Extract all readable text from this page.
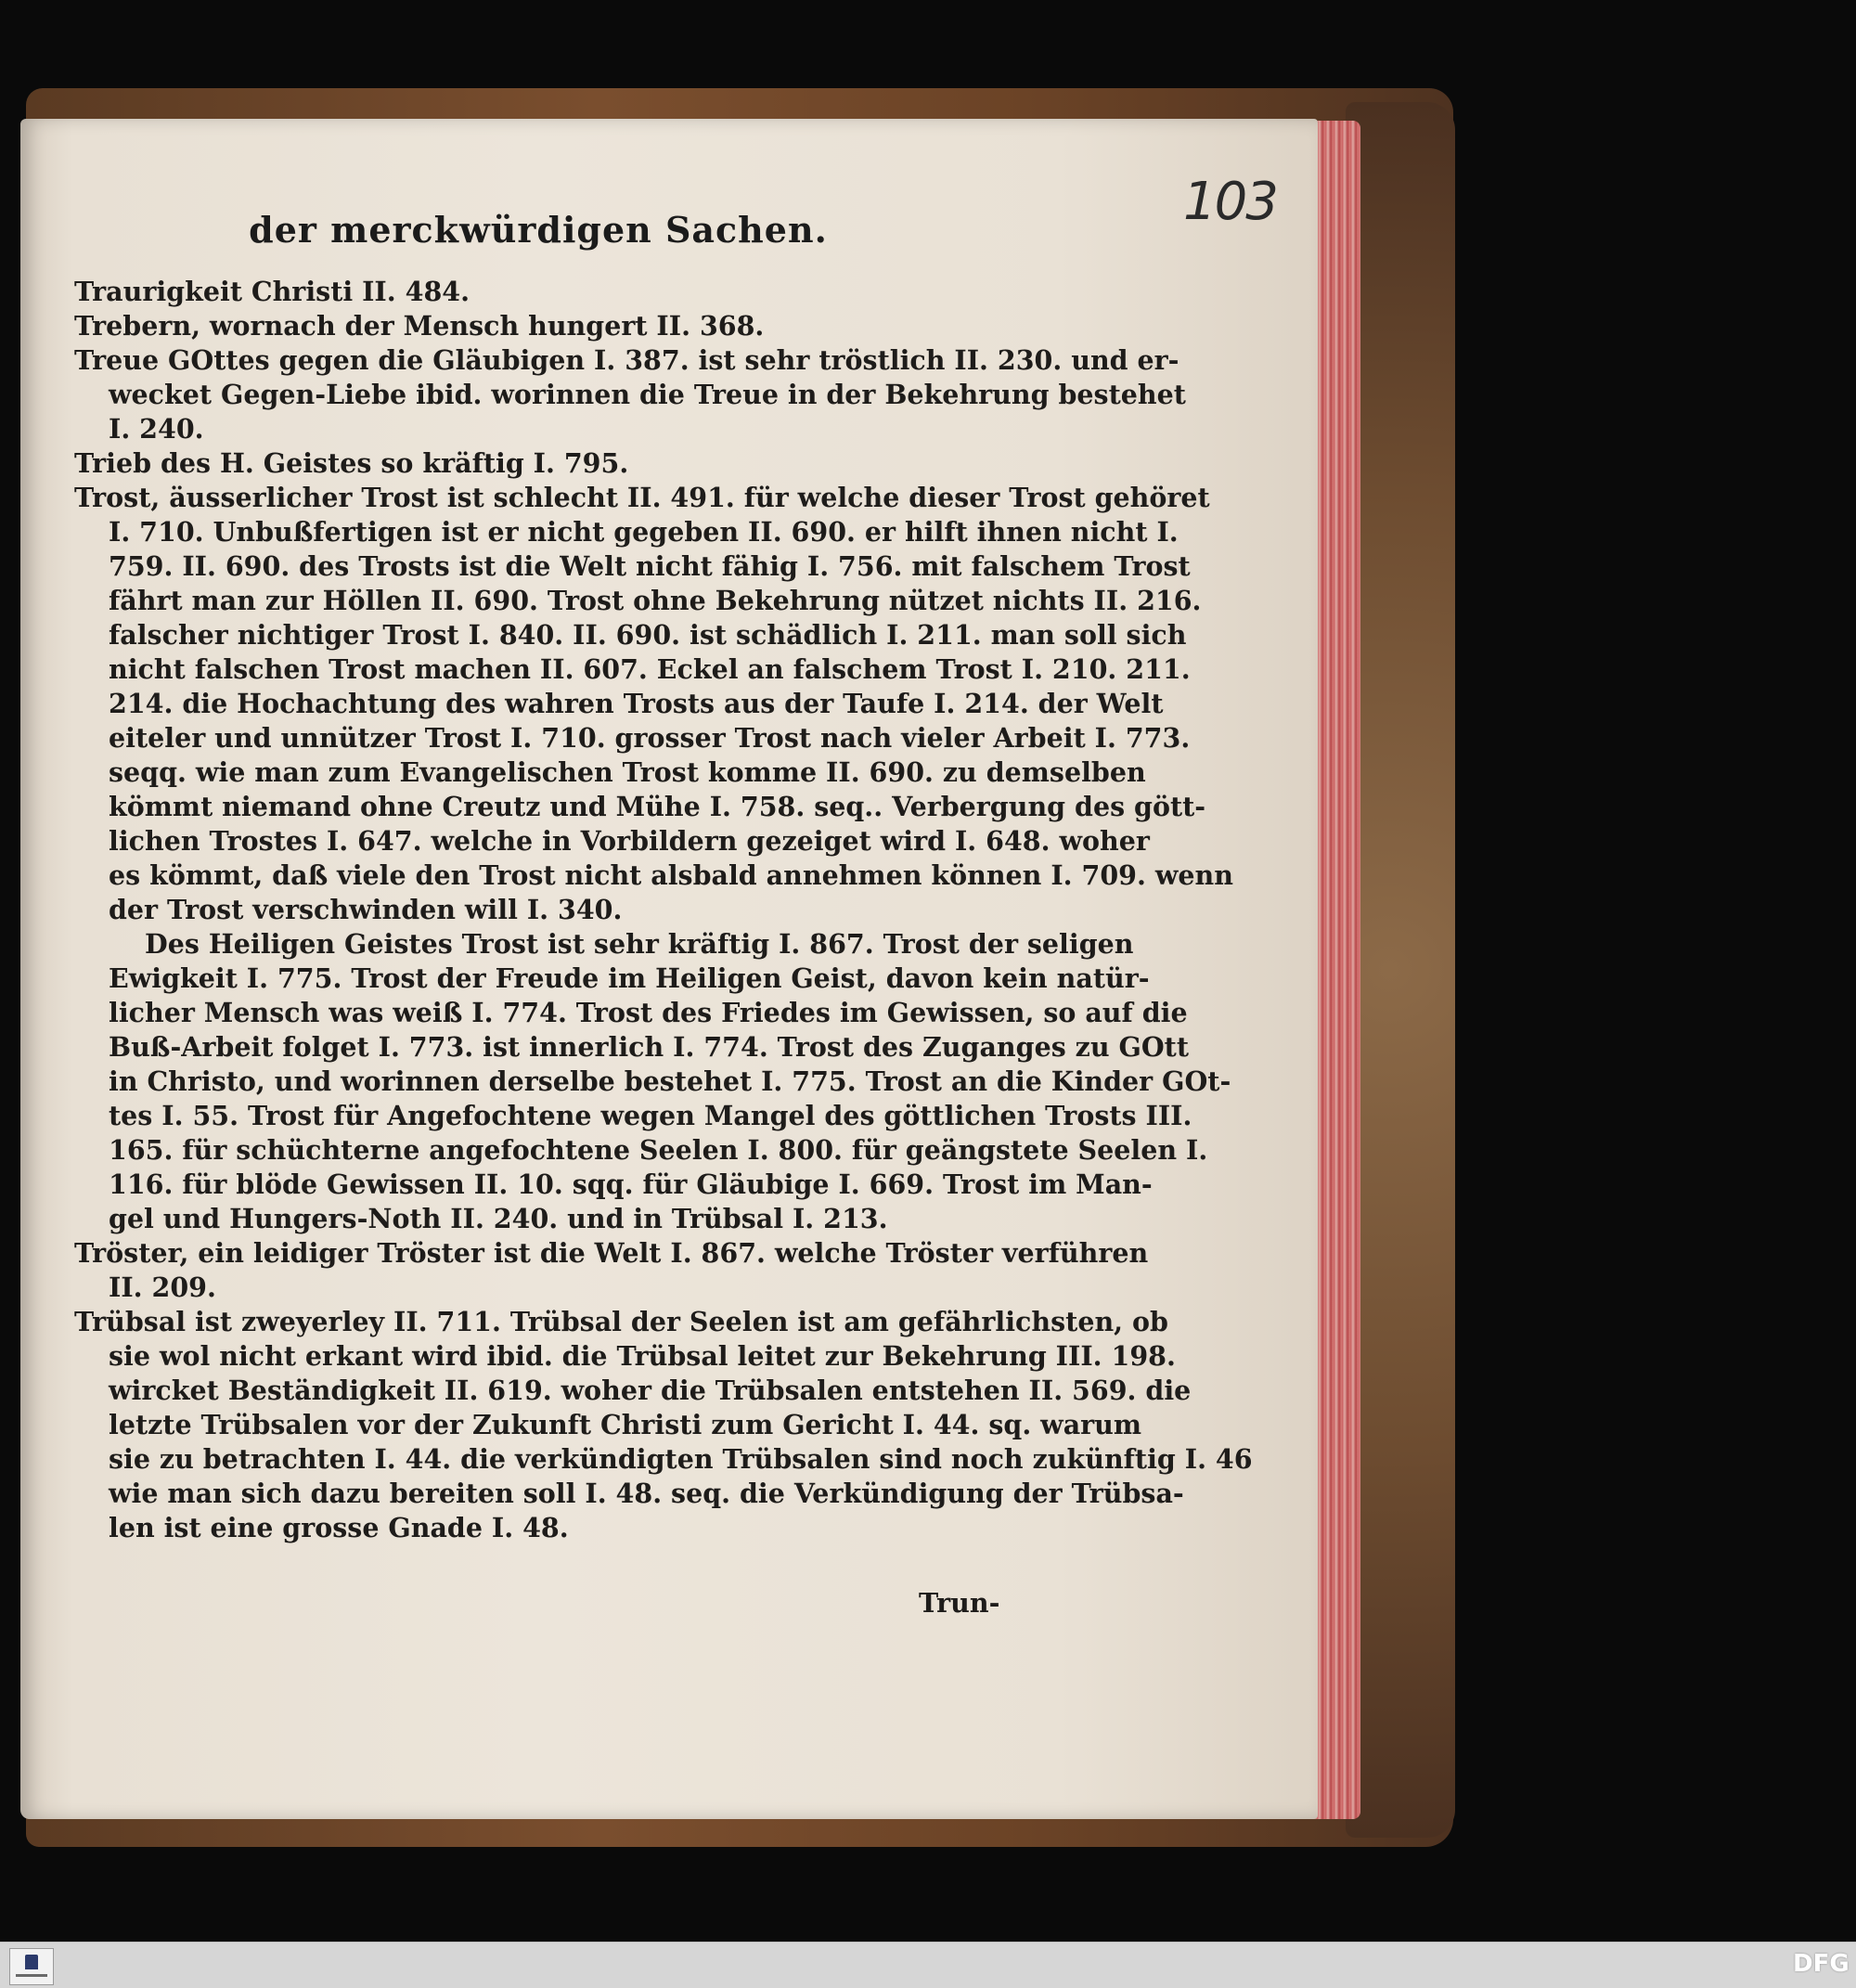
103
der merckwürdigen Sachen.
Traurigkeit Christi II. 484.
Trebern, wornach der Mensch hungert II. 368.
Treue GOttes gegen die Gläubigen I. 387. ist sehr tröstlich II. 230. und er-
wecket Gegen-Liebe ibid. worinnen die Treue in der Bekehrung bestehet
I. 240.
Trieb des H. Geistes so kräftig I. 795.
Trost, äusserlicher Trost ist schlecht II. 491. für welche dieser Trost gehöret
I. 710. Unbußfertigen ist er nicht gegeben II. 690. er hilft ihnen nicht I.
759. II. 690. des Trosts ist die Welt nicht fähig I. 756. mit falschem Trost
fährt man zur Höllen II. 690. Trost ohne Bekehrung nützet nichts II. 216.
falscher nichtiger Trost I. 840. II. 690. ist schädlich I. 211. man soll sich
nicht falschen Trost machen II. 607. Eckel an falschem Trost I. 210. 211.
214. die Hochachtung des wahren Trosts aus der Taufe I. 214. der Welt
eiteler und unnützer Trost I. 710. grosser Trost nach vieler Arbeit I. 773.
seqq. wie man zum Evangelischen Trost komme II. 690. zu demselben
kömmt niemand ohne Creutz und Mühe I. 758. seq.. Verbergung des gött-
lichen Trostes I. 647. welche in Vorbildern gezeiget wird I. 648. woher
es kömmt, daß viele den Trost nicht alsbald annehmen können I. 709. wenn
der Trost verschwinden will I. 340.
Des Heiligen Geistes Trost ist sehr kräftig I. 867. Trost der seligen
Ewigkeit I. 775. Trost der Freude im Heiligen Geist, davon kein natür-
licher Mensch was weiß I. 774. Trost des Friedes im Gewissen, so auf die
Buß-Arbeit folget I. 773. ist innerlich I. 774. Trost des Zuganges zu GOtt
in Christo, und worinnen derselbe bestehet I. 775. Trost an die Kinder GOt-
tes I. 55. Trost für Angefochtene wegen Mangel des göttlichen Trosts III.
165. für schüchterne angefochtene Seelen I. 800. für geängstete Seelen I.
116. für blöde Gewissen II. 10. sqq. für Gläubige I. 669. Trost im Man-
gel und Hungers-Noth II. 240. und in Trübsal I. 213.
Tröster, ein leidiger Tröster ist die Welt I. 867. welche Tröster verführen
II. 209.
Trübsal ist zweyerley II. 711. Trübsal der Seelen ist am gefährlichsten, ob
sie wol nicht erkant wird ibid. die Trübsal leitet zur Bekehrung III. 198.
wircket Beständigkeit II. 619. woher die Trübsalen entstehen II. 569. die
letzte Trübsalen vor der Zukunft Christi zum Gericht I. 44. sq. warum
sie zu betrachten I. 44. die verkündigten Trübsalen sind noch zukünftig I. 46
wie man sich dazu bereiten soll I. 48. seq. die Verkündigung der Trübsa-
len ist eine grosse Gnade I. 48.
Trun-
DFG
